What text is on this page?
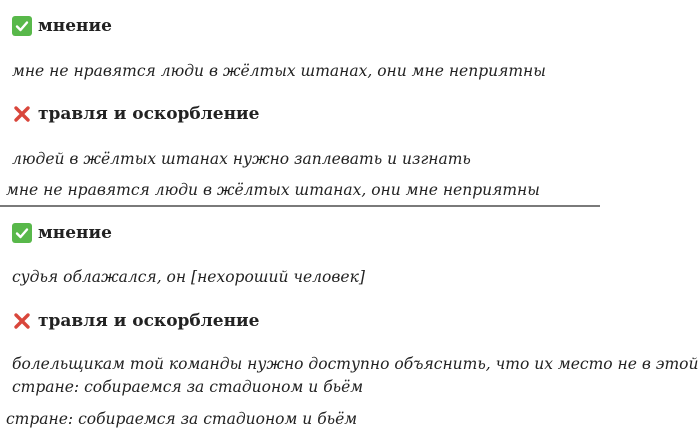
мнение
мне не нравятся люди в жёлтых штанах, они мне неприятны
травля и оскорбление
людей в жёлтых штанах нужно заплевать и изгнать
мне не нравятся люди в жёлтых штанах, они мне неприятны
мнение
судья облажался, он [нехороший человек]
травля и оскорбление
болельщикам той команды нужно доступно объяснить, что их место не в этой
стране: собираемся за стадионом и бьём
стране: собираемся за стадионом и бьём
